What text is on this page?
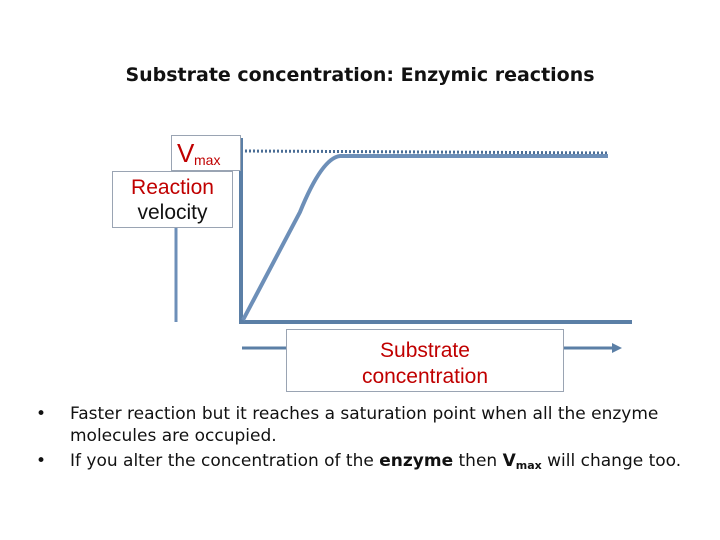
Substrate concentration: Enzymic reactions
V max
Reaction
velocity
Substrate
concentration
• Faster reaction but it reaches a saturation point when all the enzyme molecules are occupied.
• If you alter the concentration of the enzyme then $V_{max}$ will change too.
